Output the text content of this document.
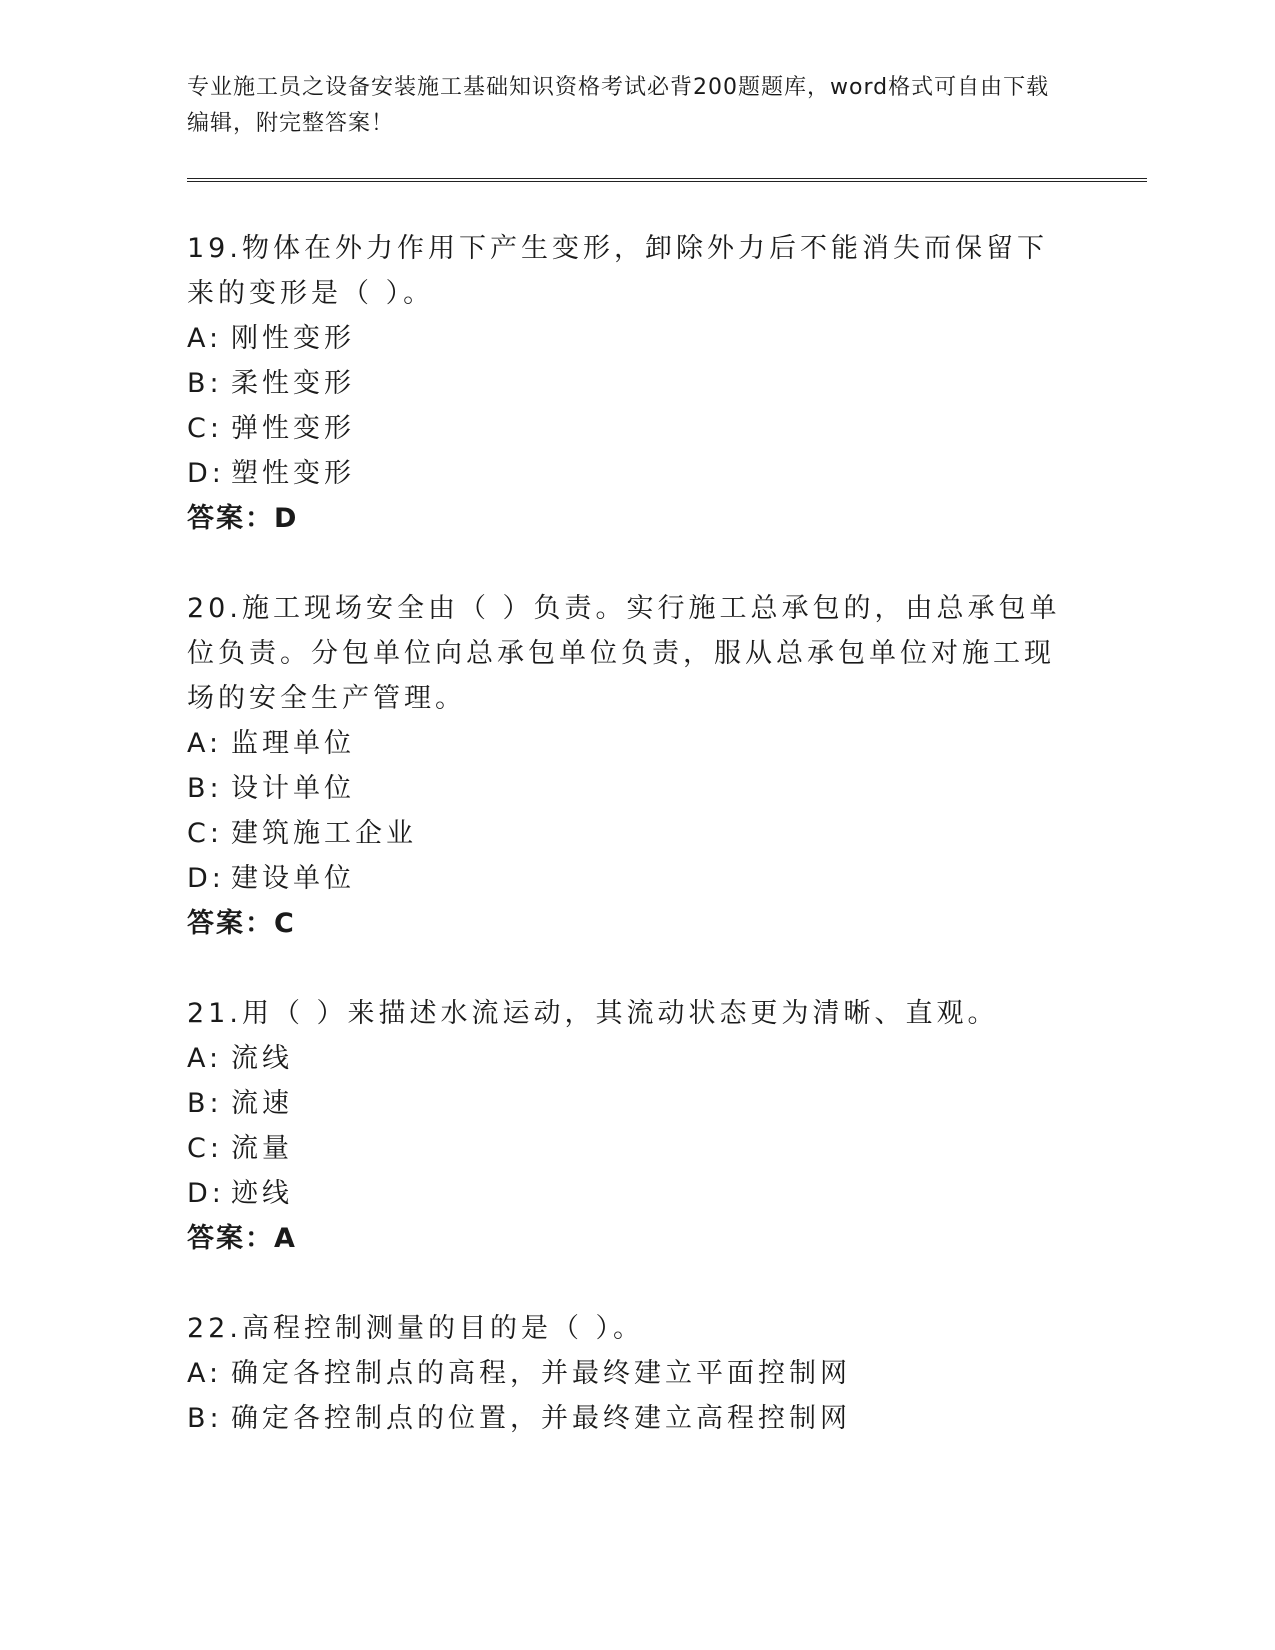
专业施工员之设备安装施工基础知识资格考试必背200题题库，word格式可自由下载编辑，附完整答案！
19.物体在外力作用下产生变形，卸除外力后不能消失而保留下来的变形是（ ）。
A: 刚性变形
B: 柔性变形
C: 弹性变形
D: 塑性变形
答案：D
20.施工现场安全由（ ）负责。实行施工总承包的，由总承包单位负责。分包单位向总承包单位负责，服从总承包单位对施工现场的安全生产管理。
A: 监理单位
B: 设计单位
C: 建筑施工企业
D: 建设单位
答案：C
21.用（ ）来描述水流运动，其流动状态更为清晰、直观。
A: 流线
B: 流速
C: 流量
D: 迹线
答案：A
22.高程控制测量的目的是（ ）。
A: 确定各控制点的高程，并最终建立平面控制网
B: 确定各控制点的位置，并最终建立高程控制网
